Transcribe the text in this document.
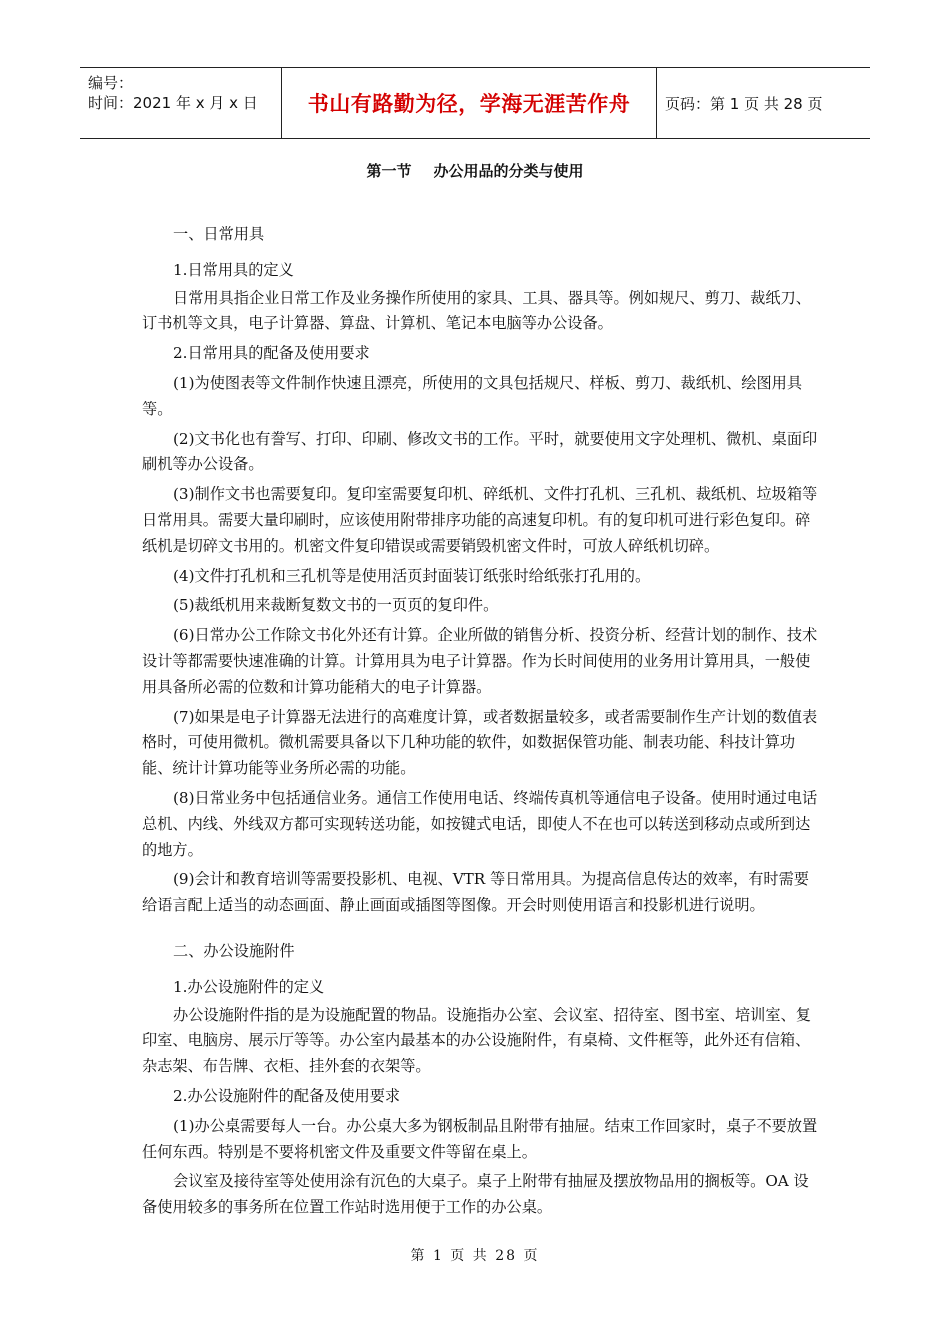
编号：
时间：2021 年 x 月 x 日 书山有路勤为径，学海无涯苦作舟	页码：第 1 页 共 28 页
第一节 办公用品的分类与使用

一、日常用具

1.日常用具的定义

日常用具指企业日常工作及业务操作所使用的家具、工具、器具等。例如规尺、剪刀、裁纸刀、订书机等文具，电子计算器、算盘、计算机、笔记本电脑等办公设备。

2.日常用具的配备及使用要求

(1)为使图表等文件制作快速且漂亮，所使用的文具包括规尺、样板、剪刀、裁纸机、绘图用具等。

(2)文书化也有誊写、打印、印刷、修改文书的工作。平时，就要使用文字处理机、微机、桌面印刷机等办公设备。

(3)制作文书也需要复印。复印室需要复印机、碎纸机、文件打孔机、三孔机、裁纸机、垃圾箱等日常用具。需要大量印刷时，应该使用附带排序功能的高速复印机。有的复印机可进行彩色复印。碎纸机是切碎文书用的。机密文件复印错误或需要销毁机密文件时，可放人碎纸机切碎。

(4)文件打孔机和三孔机等是使用活页封面装订纸张时给纸张打孔用的。

(5)裁纸机用来裁断复数文书的一页页的复印件。

(6)日常办公工作除文书化外还有计算。企业所做的销售分析、投资分析、经营计划的制作、技术设计等都需要快速准确的计算。计算用具为电子计算器。作为长时间使用的业务用计算用具，一般使用具备所必需的位数和计算功能稍大的电子计算器。

(7)如果是电子计算器无法进行的高难度计算，或者数据量较多，或者需要制作生产计划的数值表格时，可使用微机。微机需要具备以下几种功能的软件，如数据保管功能、制表功能、科技计算功能、统计计算功能等业务所必需的功能。

(8)日常业务中包括通信业务。通信工作使用电话、终端传真机等通信电子设备。使用时通过电话总机、内线、外线双方都可实现转送功能，如按键式电话，即使人不在也可以转送到移动点或所到达的地方。

(9)会计和教育培训等需要投影机、电视、VTR 等日常用具。为提高信息传达的效率，有时需要给语言配上适当的动态画面、静止画面或插图等图像。开会时则使用语言和投影机进行说明。

二、办公设施附件

1.办公设施附件的定义

办公设施附件指的是为设施配置的物品。设施指办公室、会议室、招待室、图书室、培训室、复印室、电脑房、展示厅等等。办公室内最基本的办公设施附件，有桌椅、文件框等，此外还有信箱、杂志架、布告牌、衣柜、挂外套的衣架等。

2.办公设施附件的配备及使用要求

(1)办公桌需要每人一台。办公桌大多为钢板制品且附带有抽屉。结束工作回家时，桌子不要放置任何东西。特别是不要将机密文件及重要文件等留在桌上。

会议室及接待室等处使用涂有沉色的大桌子。桌子上附带有抽屉及摆放物品用的搁板等。OA 设备使用较多的事务所在位置工作站时选用便于工作的办公桌。

第 1 页 共 28 页
